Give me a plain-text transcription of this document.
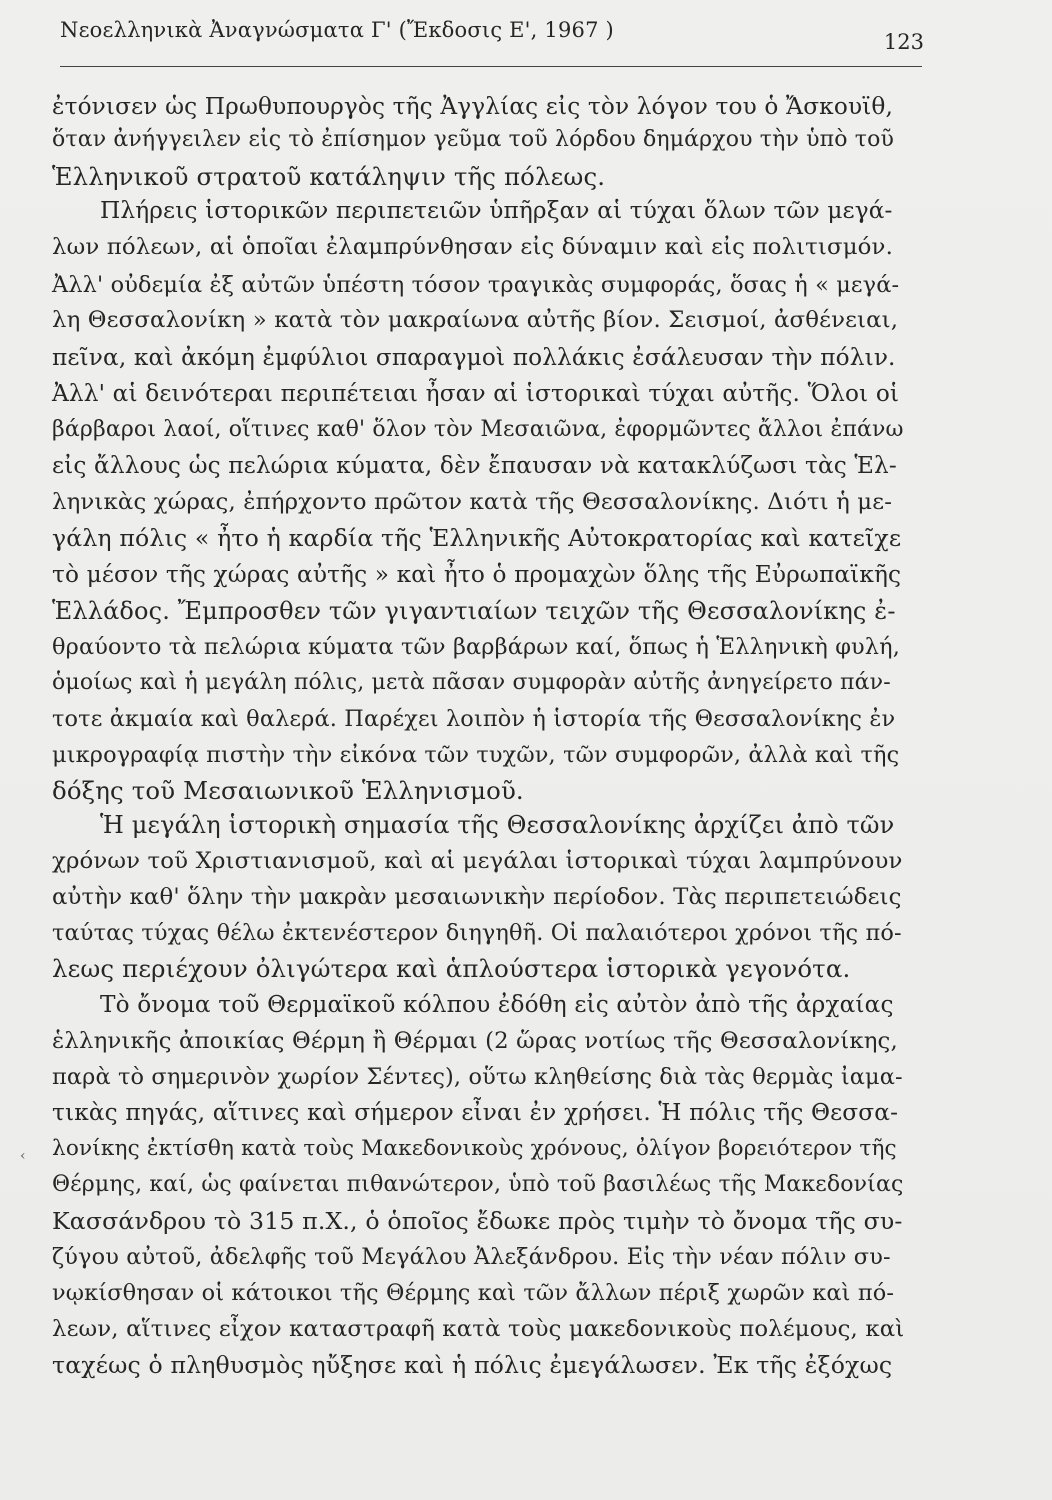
Νεοελληνικὰ Ἀναγνώσματα Γ' (Ἔκδοσις Ε', 1967 )	123
ἐτόνισεν ὡς Πρωθυπουργὸς τῆς Ἀγγλίας εἰς τὸν λόγον του ὁ Ἄσκουϊθ,
ὅταν ἀνήγγειλεν εἰς τὸ ἐπίσημον γεῦμα τοῦ λόρδου δημάρχου τὴν ὑπὸ τοῦ
Ἑλληνικοῦ στρατοῦ κατάληψιν τῆς πόλεως.
Πλήρεις ἱστορικῶν περιπετειῶν ὑπῆρξαν αἱ τύχαι ὅλων τῶν μεγά-
λων πόλεων, αἱ ὁποῖαι ἐλαμπρύνθησαν εἰς δύναμιν καὶ εἰς πολιτισμόν.
Ἀλλ' οὐδεμία ἐξ αὐτῶν ὑπέστη τόσον τραγικὰς συμφοράς, ὅσας ἡ « μεγά-
λη Θεσσαλονίκη » κατὰ τὸν μακραίωνα αὐτῆς βίον. Σεισμοί, ἀσθένειαι,
πεῖνα, καὶ ἀκόμη ἐμφύλιοι σπαραγμοὶ πολλάκις ἐσάλευσαν τὴν πόλιν.
Ἀλλ' αἱ δεινότεραι περιπέτειαι ἦσαν αἱ ἱστορικαὶ τύχαι αὐτῆς. Ὅλοι οἱ
βάρβαροι λαοί, οἵτινες καθ' ὅλον τὸν Μεσαιῶνα, ἐφορμῶντες ἄλλοι ἐπάνω
εἰς ἄλλους ὡς πελώρια κύματα, δὲν ἔπαυσαν νὰ κατακλύζωσι τὰς Ἑλ-
ληνικὰς χώρας, ἐπήρχοντο πρῶτον κατὰ τῆς Θεσσαλονίκης. Διότι ἡ με-
γάλη πόλις « ἦτο ἡ καρδία τῆς Ἑλληνικῆς Αὐτοκρατορίας καὶ κατεῖχε
τὸ μέσον τῆς χώρας αὐτῆς » καὶ ἦτο ὁ προμαχὼν ὅλης τῆς Εὐρωπαϊκῆς
Ἑλλάδος. Ἔμπροσθεν τῶν γιγαντιαίων τειχῶν τῆς Θεσσαλονίκης ἐ-
θραύοντο τὰ πελώρια κύματα τῶν βαρβάρων καί, ὅπως ἡ Ἑλληνικὴ φυλή,
ὁμοίως καὶ ἡ μεγάλη πόλις, μετὰ πᾶσαν συμφορὰν αὐτῆς ἀνηγείρετο πάν-
τοτε ἀκμαία καὶ θαλερά. Παρέχει λοιπὸν ἡ ἱστορία τῆς Θεσσαλονίκης ἐν
μικρογραφίᾳ πιστὴν τὴν εἰκόνα τῶν τυχῶν, τῶν συμφορῶν, ἀλλὰ καὶ τῆς
δόξης τοῦ Μεσαιωνικοῦ Ἑλληνισμοῦ.
Ἡ μεγάλη ἱστορικὴ σημασία τῆς Θεσσαλονίκης ἀρχίζει ἀπὸ τῶν
χρόνων τοῦ Χριστιανισμοῦ, καὶ αἱ μεγάλαι ἱστορικαὶ τύχαι λαμπρύνουν
αὐτὴν καθ' ὅλην τὴν μακρὰν μεσαιωνικὴν περίοδον. Τὰς περιπετειώδεις
ταύτας τύχας θέλω ἐκτενέστερον διηγηθῆ. Οἱ παλαιότεροι χρόνοι τῆς πό-
λεως περιέχουν ὀλιγώτερα καὶ ἁπλούστερα ἱστορικὰ γεγονότα.
Τὸ ὄνομα τοῦ Θερμαϊκοῦ κόλπου ἐδόθη εἰς αὐτὸν ἀπὸ τῆς ἀρχαίας
ἑλληνικῆς ἀποικίας Θέρμη ἢ Θέρμαι (2 ὥρας νοτίως τῆς Θεσσαλονίκης,
παρὰ τὸ σημερινὸν χωρίον Σέντες), οὕτω κληθείσης διὰ τὰς θερμὰς ἰαμα-
τικὰς πηγάς, αἵτινες καὶ σήμερον εἶναι ἐν χρήσει. Ἡ πόλις τῆς Θεσσα-
λονίκης ἐκτίσθη κατὰ τοὺς Μακεδονικοὺς χρόνους, ὀλίγον βορειότερον τῆς
Θέρμης, καί, ὡς φαίνεται πιθανώτερον, ὑπὸ τοῦ βασιλέως τῆς Μακεδονίας
Κασσάνδρου τὸ 315 π.Χ., ὁ ὁποῖος ἔδωκε πρὸς τιμὴν τὸ ὄνομα τῆς συ-
ζύγου αὐτοῦ, ἀδελφῆς τοῦ Μεγάλου Ἀλεξάνδρου. Εἰς τὴν νέαν πόλιν συ-
νῳκίσθησαν οἱ κάτοικοι τῆς Θέρμης καὶ τῶν ἄλλων πέριξ χωρῶν καὶ πό-
λεων, αἵτινες εἶχον καταστραφῆ κατὰ τοὺς μακεδονικοὺς πολέμους, καὶ
ταχέως ὁ πληθυσμὸς ηὔξησε καὶ ἡ πόλις ἐμεγάλωσεν. Ἐκ τῆς ἐξόχως
‹
